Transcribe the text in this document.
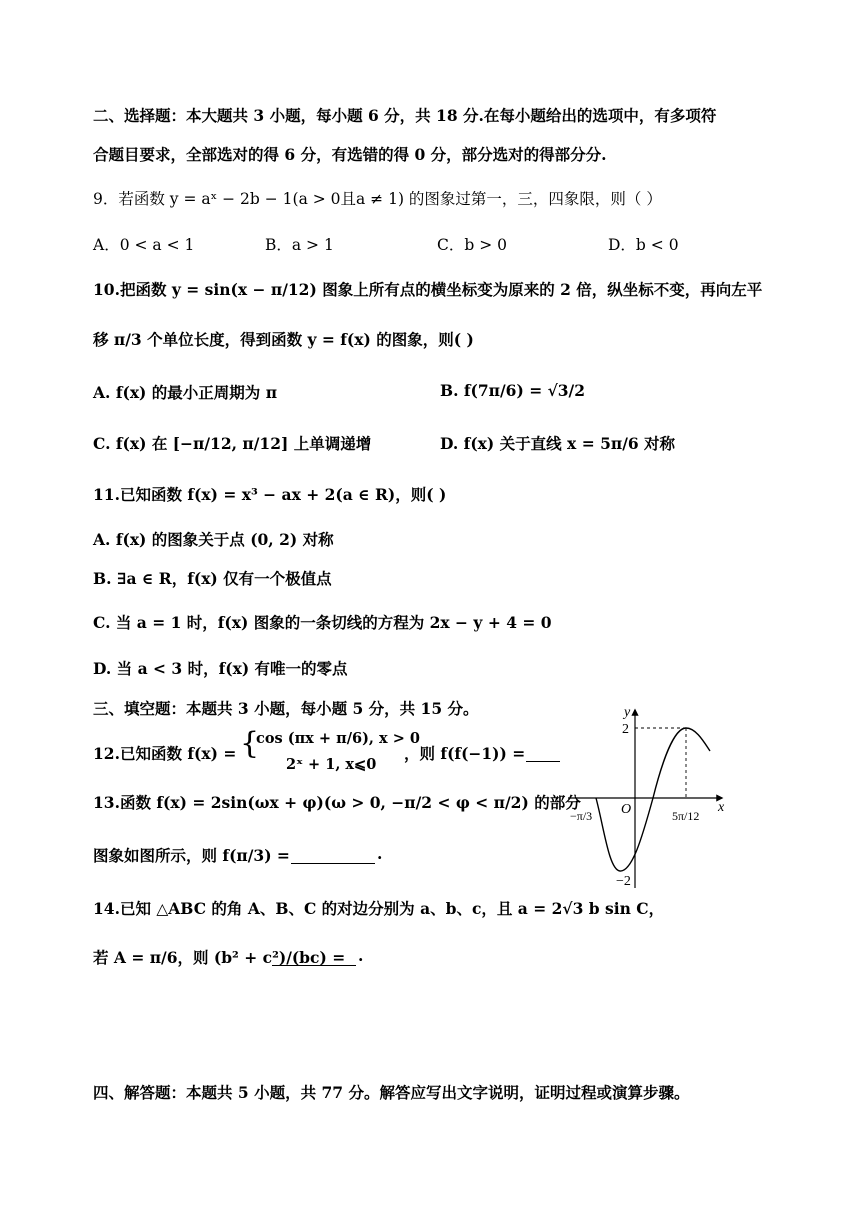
二、选择题：本大题共 3 小题，每小题 6 分，共 18 分.在每小题给出的选项中，有多项符
合题目要求，全部选对的得 6 分，有选错的得 0 分，部分选对的得部分分.
9．若函数 y = aˣ − 2b − 1(a > 0且a ≠ 1) 的图象过第一，三，四象限，则（ ）
A．0 < a < 1	B．a > 1	C．b > 0	D．b < 0
10.把函数 y = sin(x − π/12) 图象上所有点的横坐标变为原来的 2 倍，纵坐标不变，再向左平
移 π/3 个单位长度，得到函数 y = f(x) 的图象，则( )
A. f(x) 的最小正周期为 π	B. f(7π/6) = √3/2
C. f(x) 在 [−π/12, π/12] 上单调递增	D. f(x) 关于直线 x = 5π/6 对称
11.已知函数 f(x) = x³ − ax + 2(a ∈ R)，则( )
A. f(x) 的图象关于点 (0, 2) 对称
B. ∃a ∈ R，f(x) 仅有一个极值点
C. 当 a = 1 时，f(x) 图象的一条切线的方程为 2x − y + 4 = 0
D. 当 a < 3 时，f(x) 有唯一的零点
三、填空题：本题共 3 小题，每小题 5 分，共 15 分。
12.已知函数 f(x) = {
cos (πx + π/6), x > 0
2ˣ + 1, x⩽0
，则 f(f(−1)) =
13.函数 f(x) = 2sin(ωx + φ)(ω > 0, −π/2 < φ < π/2) 的部分
图象如图所示，则 f(π/3) =	.
14.已知 △ABC 的角 A、B、C 的对边分别为 a、b、c，且 a = 2√3 b sin C，
若 A = π/6，则 (b² + c²)/(bc) = .
四、解答题：本题共 5 小题，共 77 分。解答应写出文字说明，证明过程或演算步骤。
y
x
O
2
−2
−π/3	5π/12
